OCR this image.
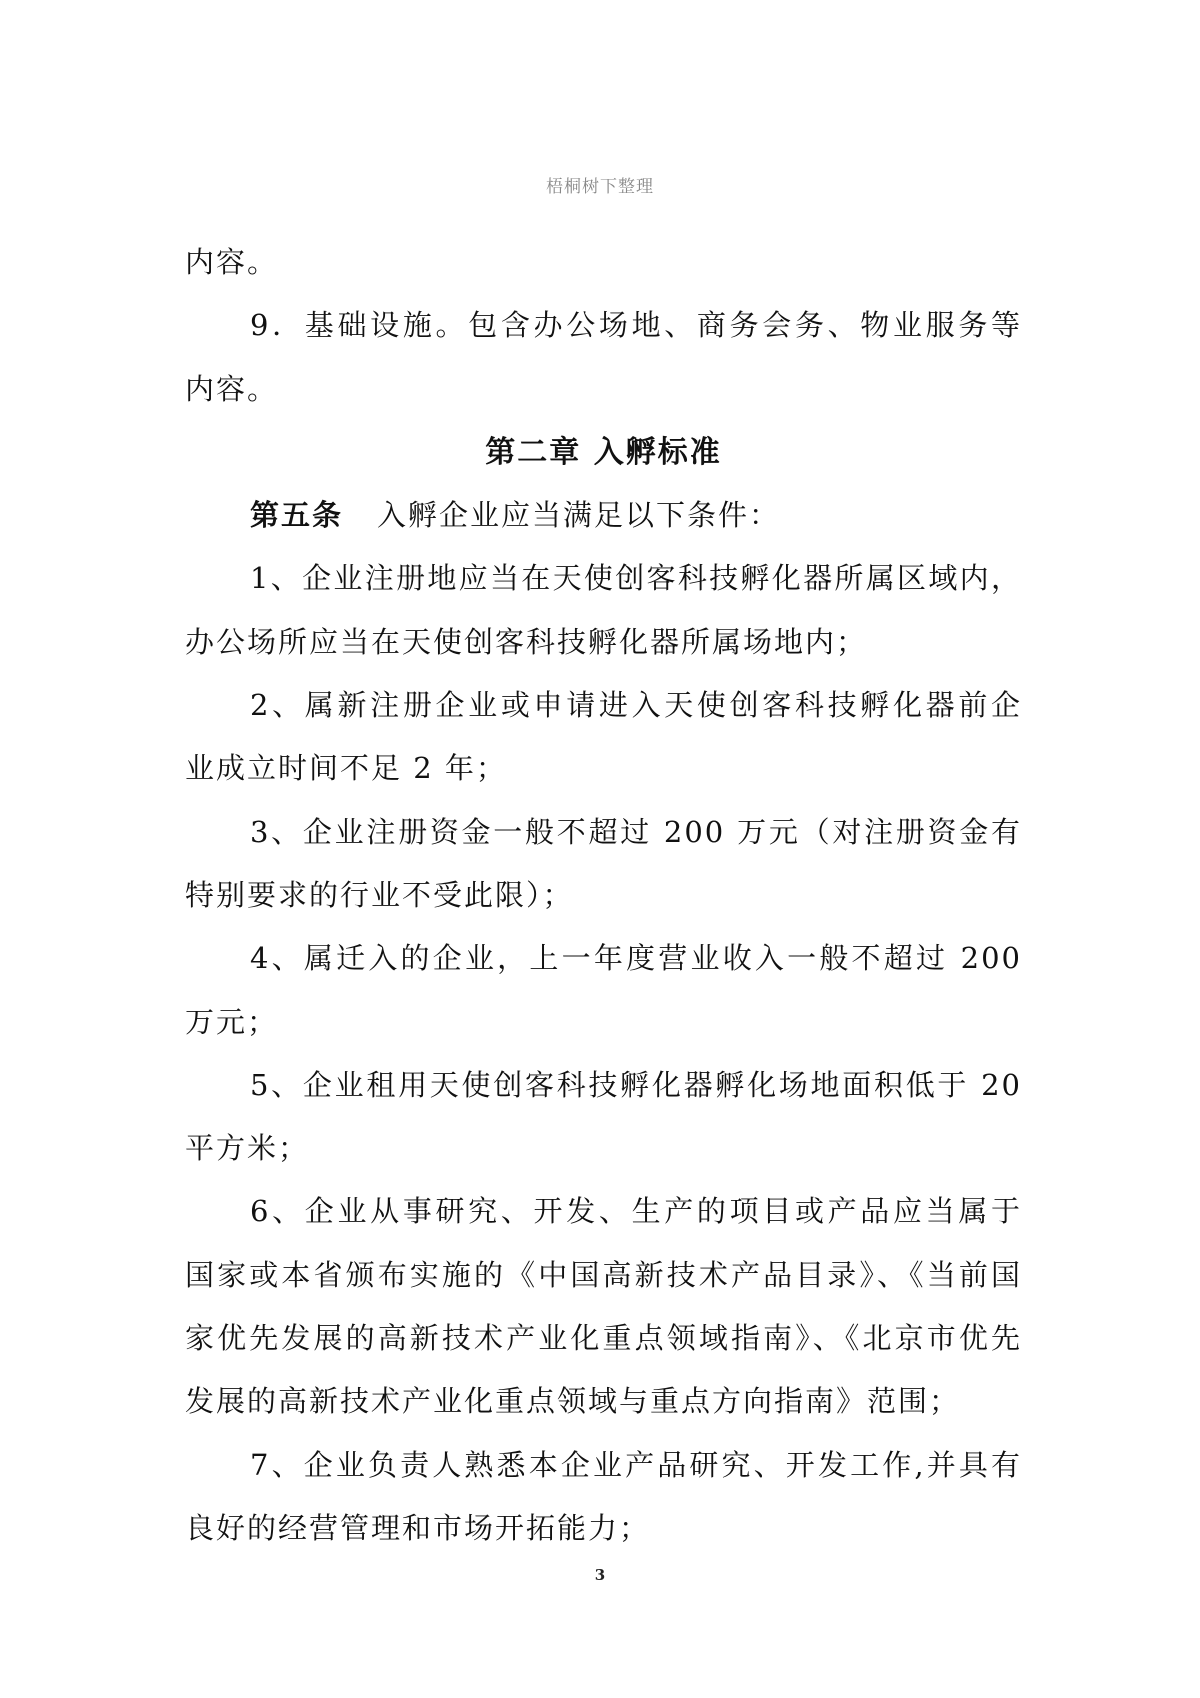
梧桐树下整理
内容。
9．基础设施。包含办公场地、商务会务、物业服务等
内容。
第二章 入孵标准
第五条 入孵企业应当满足以下条件：
1、企业注册地应当在天使创客科技孵化器所属区域内，
办公场所应当在天使创客科技孵化器所属场地内；
2、属新注册企业或申请进入天使创客科技孵化器前企
业成立时间不足 2 年；
3、企业注册资金一般不超过 200 万元（对注册资金有
特别要求的行业不受此限）；
4、属迁入的企业，上一年度营业收入一般不超过 200
万元；
5、企业租用天使创客科技孵化器孵化场地面积低于 20
平方米；
6、企业从事研究、开发、生产的项目或产品应当属于
国家或本省颁布实施的《中国高新技术产品目录》、《当前国
家优先发展的高新技术产业化重点领域指南》、《北京市优先
发展的高新技术产业化重点领域与重点方向指南》范围；
7、企业负责人熟悉本企业产品研究、开发工作,并具有
良好的经营管理和市场开拓能力；
3
